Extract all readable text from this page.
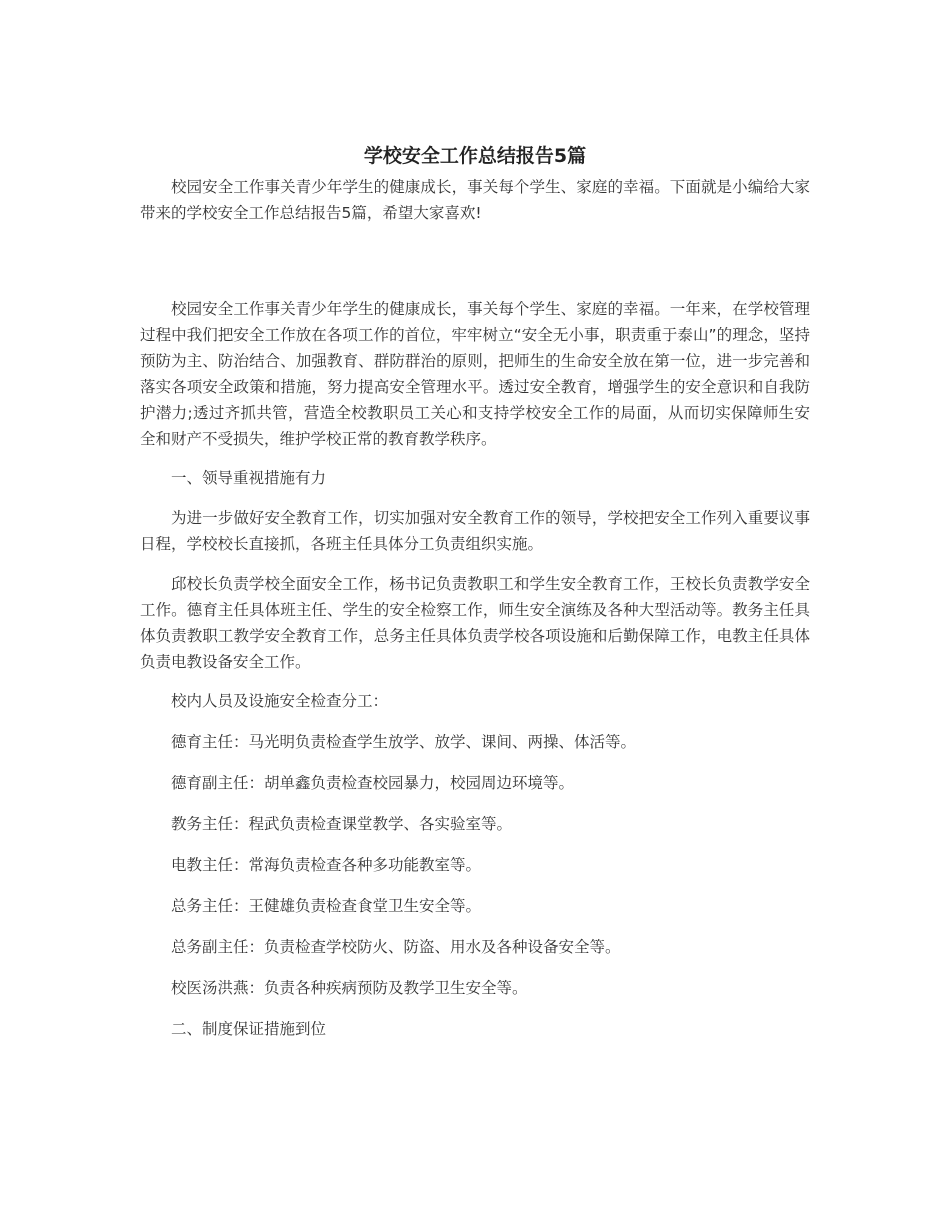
学校安全工作总结报告5篇

校园安全工作事关青少年学生的健康成长，事关每个学生、家庭的幸福。下面就是小编给大家带来的学校安全工作总结报告5篇，希望大家喜欢!

校园安全工作事关青少年学生的健康成长，事关每个学生、家庭的幸福。一年来，在学校管理过程中我们把安全工作放在各项工作的首位，牢牢树立“安全无小事，职责重于泰山”的理念，坚持预防为主、防治结合、加强教育、群防群治的原则，把师生的生命安全放在第一位，进一步完善和落实各项安全政策和措施，努力提高安全管理水平。透过安全教育，增强学生的安全意识和自我防护潜力;透过齐抓共管，营造全校教职员工关心和支持学校安全工作的局面，从而切实保障师生安全和财产不受损失，维护学校正常的教育教学秩序。

一、领导重视措施有力

为进一步做好安全教育工作，切实加强对安全教育工作的领导，学校把安全工作列入重要议事日程，学校校长直接抓，各班主任具体分工负责组织实施。

邱校长负责学校全面安全工作，杨书记负责教职工和学生安全教育工作，王校长负责教学安全工作。德育主任具体班主任、学生的安全检察工作，师生安全演练及各种大型活动等。教务主任具体负责教职工教学安全教育工作，总务主任具体负责学校各项设施和后勤保障工作，电教主任具体负责电教设备安全工作。

校内人员及设施安全检查分工：

德育主任：马光明负责检查学生放学、放学、课间、两操、体活等。

德育副主任：胡单鑫负责检查校园暴力，校园周边环境等。

教务主任：程武负责检查课堂教学、各实验室等。

电教主任：常海负责检查各种多功能教室等。

总务主任：王健雄负责检查食堂卫生安全等。

总务副主任：负责检查学校防火、防盗、用水及各种设备安全等。

校医汤洪燕：负责各种疾病预防及教学卫生安全等。

二、制度保证措施到位
